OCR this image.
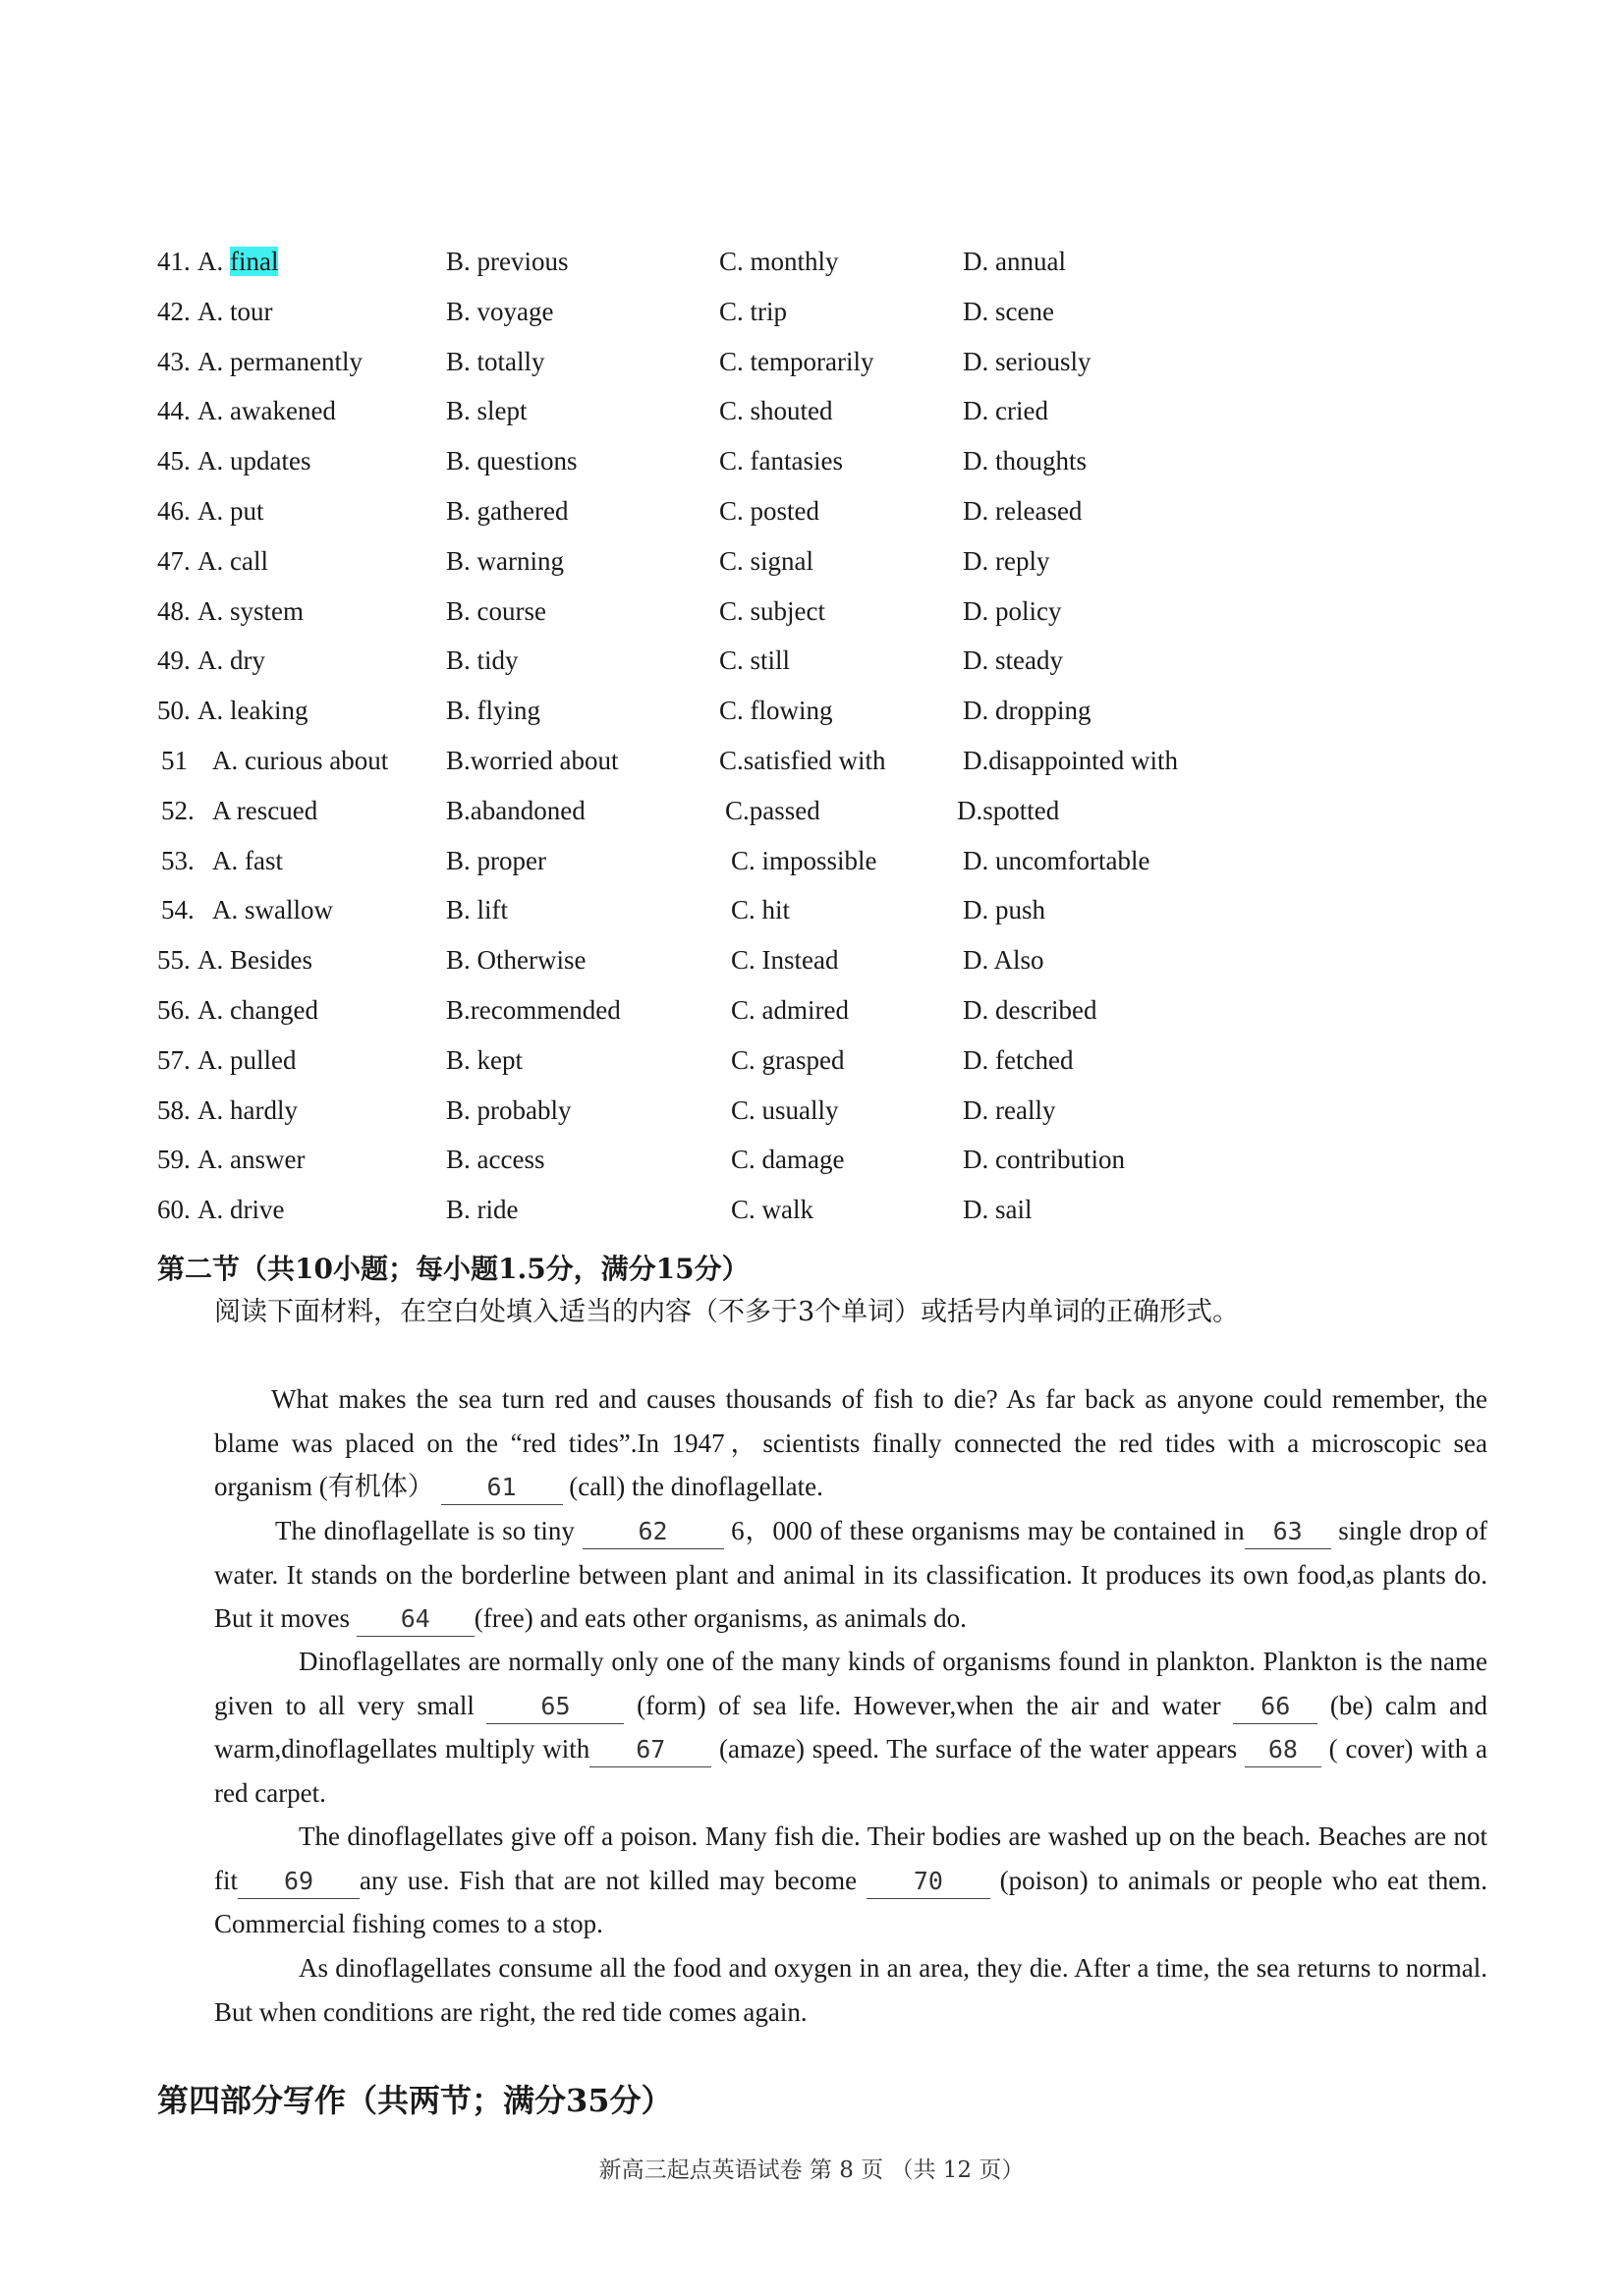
41. A. final	B. previous	C. monthly	D. annual
42. A. tour	B. voyage	C. trip	D. scene
43. A. permanently	B. totally	C. temporarily	D. seriously
44. A. awakened	B. slept	C. shouted	D. cried
45. A. updates	B. questions	C. fantasies	D. thoughts
46. A. put	B. gathered	C. posted	D. released
47. A. call	B. warning	C. signal	D. reply
48. A. system	B. course	C. subject	D. policy
49. A. dry	B. tidy	C. still	D. steady
50. A. leaking	B. flying	C. flowing	D. dropping
51 A. curious about B.worried about	C.satisfied with	D.disappointed with
52. A rescued	B.abandoned	C.passed	D.spotted
53. A. fast	B. proper	C. impossible	D. uncomfortable
54. A. swallow	B. lift	C. hit	D. push
55. A. Besides	B. Otherwise	C. Instead	D. Also
56. A. changed	B.recommended	C. admired	D. described
57. A. pulled	B. kept	C. grasped	D. fetched
58. A. hardly	B. probably	C. usually	D. really
59. A. answer	B. access	C. damage	D. contribution
60. A. drive	B. ride	C. walk	D. sail
第二节（共10小题；每小题1.5分，满分15分）
阅读下面材料，在空白处填入适当的内容（不多于3个单词）或括号内单词的正确形式。
What makes the sea turn red and causes thousands of fish to die? As far back as anyone could remember, the blame was placed on the “red tides”.In 1947，scientists finally connected the red tides with a microscopic sea organism (有机体） 61 (call) the dinoflagellate.
The dinoflagellate is so tiny 62 6，000 of these organisms may be contained in 63 single drop of water. It stands on the borderline between plant and animal in its classification. It produces its own food,as plants do. But it moves 64 (free) and eats other organisms, as animals do.
Dinoflagellates are normally only one of the many kinds of organisms found in plankton. Plankton is the name given to all very small 65 (form) of sea life. However,when the air and water 66 (be) calm and warm,dinoflagellates multiply with 67 (amaze) speed. The surface of the water appears 68 ( cover) with a red carpet.
The dinoflagellates give off a poison. Many fish die. Their bodies are washed up on the beach. Beaches are not fit 69 any use. Fish that are not killed may become 70 (poison) to animals or people who eat them. Commercial fishing comes to a stop.
As dinoflagellates consume all the food and oxygen in an area, they die. After a time, the sea returns to normal. But when conditions are right, the red tide comes again.
第四部分写作（共两节；满分35分）
新高三起点英语试卷 第 8 页 （共 12 页）
